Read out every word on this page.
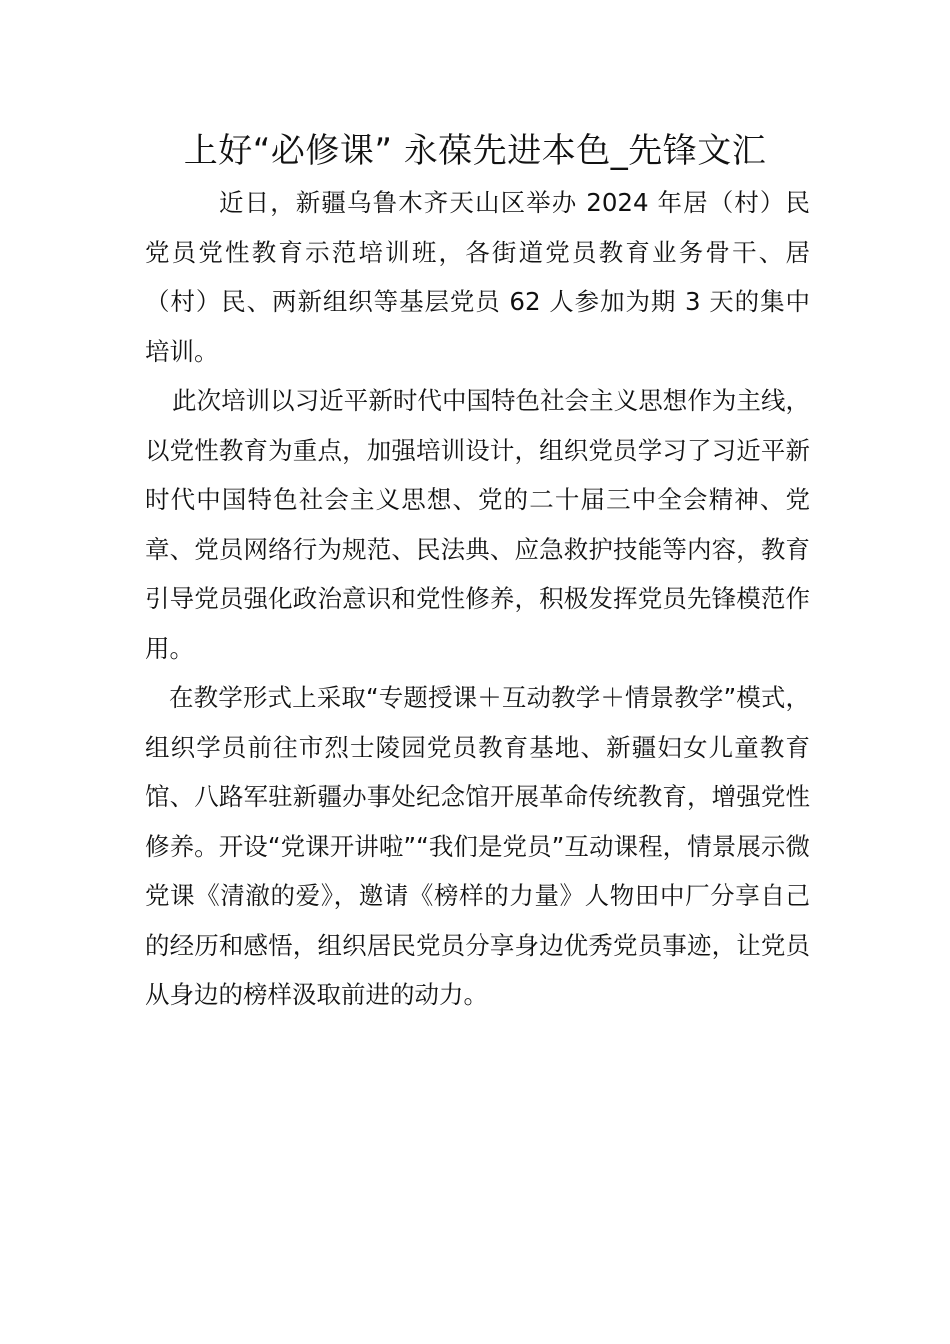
上好“必修课” 永葆先进本色_先锋文汇

近日，新疆乌鲁木齐天山区举办 2024 年居（村）民党员党性教育示范培训班，各街道党员教育业务骨干、居（村）民、两新组织等基层党员 62 人参加为期 3 天的集中培训。

此次培训以习近平新时代中国特色社会主义思想作为主线，以党性教育为重点，加强培训设计，组织党员学习了习近平新时代中国特色社会主义思想、党的二十届三中全会精神、党章、党员网络行为规范、民法典、应急救护技能等内容，教育引导党员强化政治意识和党性修养，积极发挥党员先锋模范作用。

在教学形式上采取“专题授课＋互动教学＋情景教学”模式，组织学员前往市烈士陵园党员教育基地、新疆妇女儿童教育馆、八路军驻新疆办事处纪念馆开展革命传统教育，增强党性修养。开设“党课开讲啦”“我们是党员”互动课程，情景展示微党课《清澈的爱》，邀请《榜样的力量》人物田中厂分享自己的经历和感悟，组织居民党员分享身边优秀党员事迹，让党员从身边的榜样汲取前进的动力。
